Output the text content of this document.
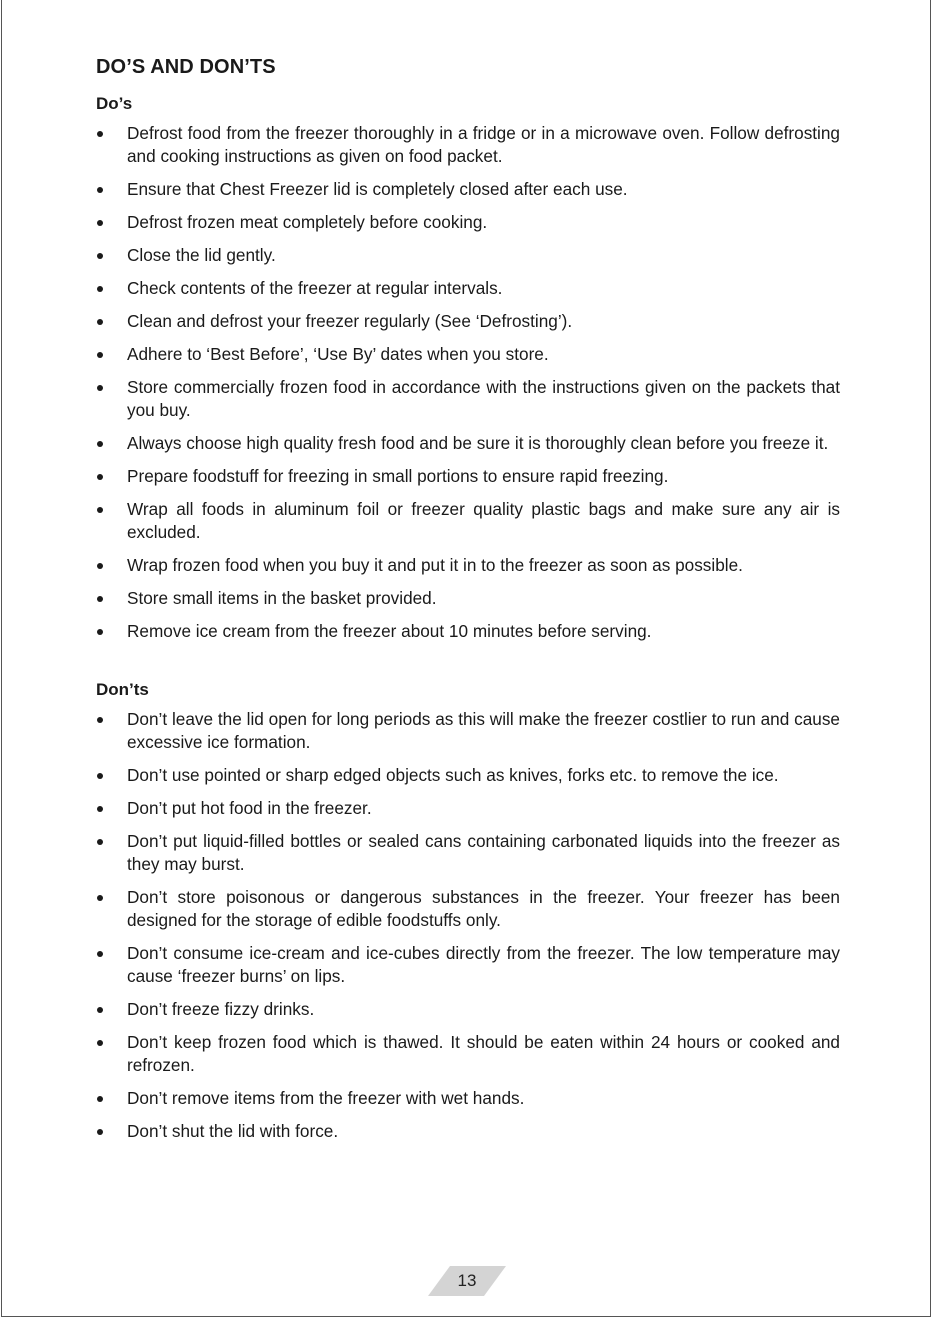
DO’S AND DON’TS
Do’s
Defrost food from the freezer thoroughly in a fridge or in a microwave oven. Follow defrosting and cooking instructions as given on food packet.
Ensure that Chest Freezer lid is completely closed after each use.
Defrost frozen meat completely before cooking.
Close the lid gently.
Check contents of the freezer at regular intervals.
Clean and defrost your freezer regularly (See ‘Defrosting’).
Adhere to ‘Best Before’, ‘Use By’ dates when you store.
Store commercially frozen food in accordance with the instructions given on the packets that you buy.
Always choose high quality fresh food and be sure it is thoroughly clean before you freeze it.
Prepare foodstuff for freezing in small portions to ensure rapid freezing.
Wrap all foods in aluminum foil or freezer quality plastic bags and make sure any air is excluded.
Wrap frozen food when you buy it and put it in to the freezer as soon as possible.
Store small items in the basket provided.
Remove ice cream from the freezer about 10 minutes before serving.
Don’ts
Don’t leave the lid open for long periods as this will make the freezer costlier to run and cause excessive ice formation.
Don’t use pointed or sharp edged objects such as knives, forks etc. to remove the ice.
Don’t put hot food in the freezer.
Don’t put liquid-filled bottles or sealed cans containing carbonated liquids into the freezer as they may burst.
Don’t store poisonous or dangerous substances in the freezer. Your freezer has been designed for the storage of edible foodstuffs only.
Don’t consume ice-cream and ice-cubes directly from the freezer. The low temperature may cause ‘freezer burns’ on lips.
Don’t freeze fizzy drinks.
Don’t keep frozen food which is thawed. It should be eaten within 24 hours or cooked and refrozen.
Don’t remove items from the freezer with wet hands.
Don’t shut the lid with force.
13
